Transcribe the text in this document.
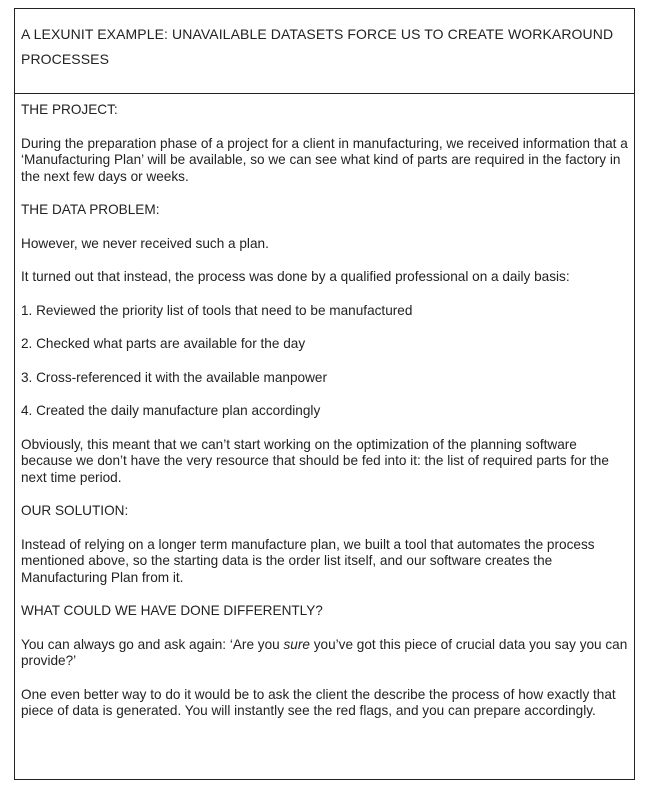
A LEXUNIT EXAMPLE: UNAVAILABLE DATASETS FORCE US TO CREATE WORKAROUND PROCESSES

THE PROJECT:

During the preparation phase of a project for a client in manufacturing, we received information that a ‘Manufacturing Plan’ will be available, so we can see what kind of parts are required in the factory in the next few days or weeks.

THE DATA PROBLEM:

However, we never received such a plan.

It turned out that instead, the process was done by a qualified professional on a daily basis:

1. Reviewed the priority list of tools that need to be manufactured

2. Checked what parts are available for the day

3. Cross-referenced it with the available manpower

4. Created the daily manufacture plan accordingly

Obviously, this meant that we can’t start working on the optimization of the planning software because we don’t have the very resource that should be fed into it: the list of required parts for the next time period.

OUR SOLUTION:

Instead of relying on a longer term manufacture plan, we built a tool that automates the process mentioned above, so the starting data is the order list itself, and our software creates the Manufacturing Plan from it.

WHAT COULD WE HAVE DONE DIFFERENTLY?

You can always go and ask again: ‘Are you sure you’ve got this piece of crucial data you say you can provide?’

One even better way to do it would be to ask the client the describe the process of how exactly that piece of data is generated. You will instantly see the red flags, and you can prepare accordingly.
